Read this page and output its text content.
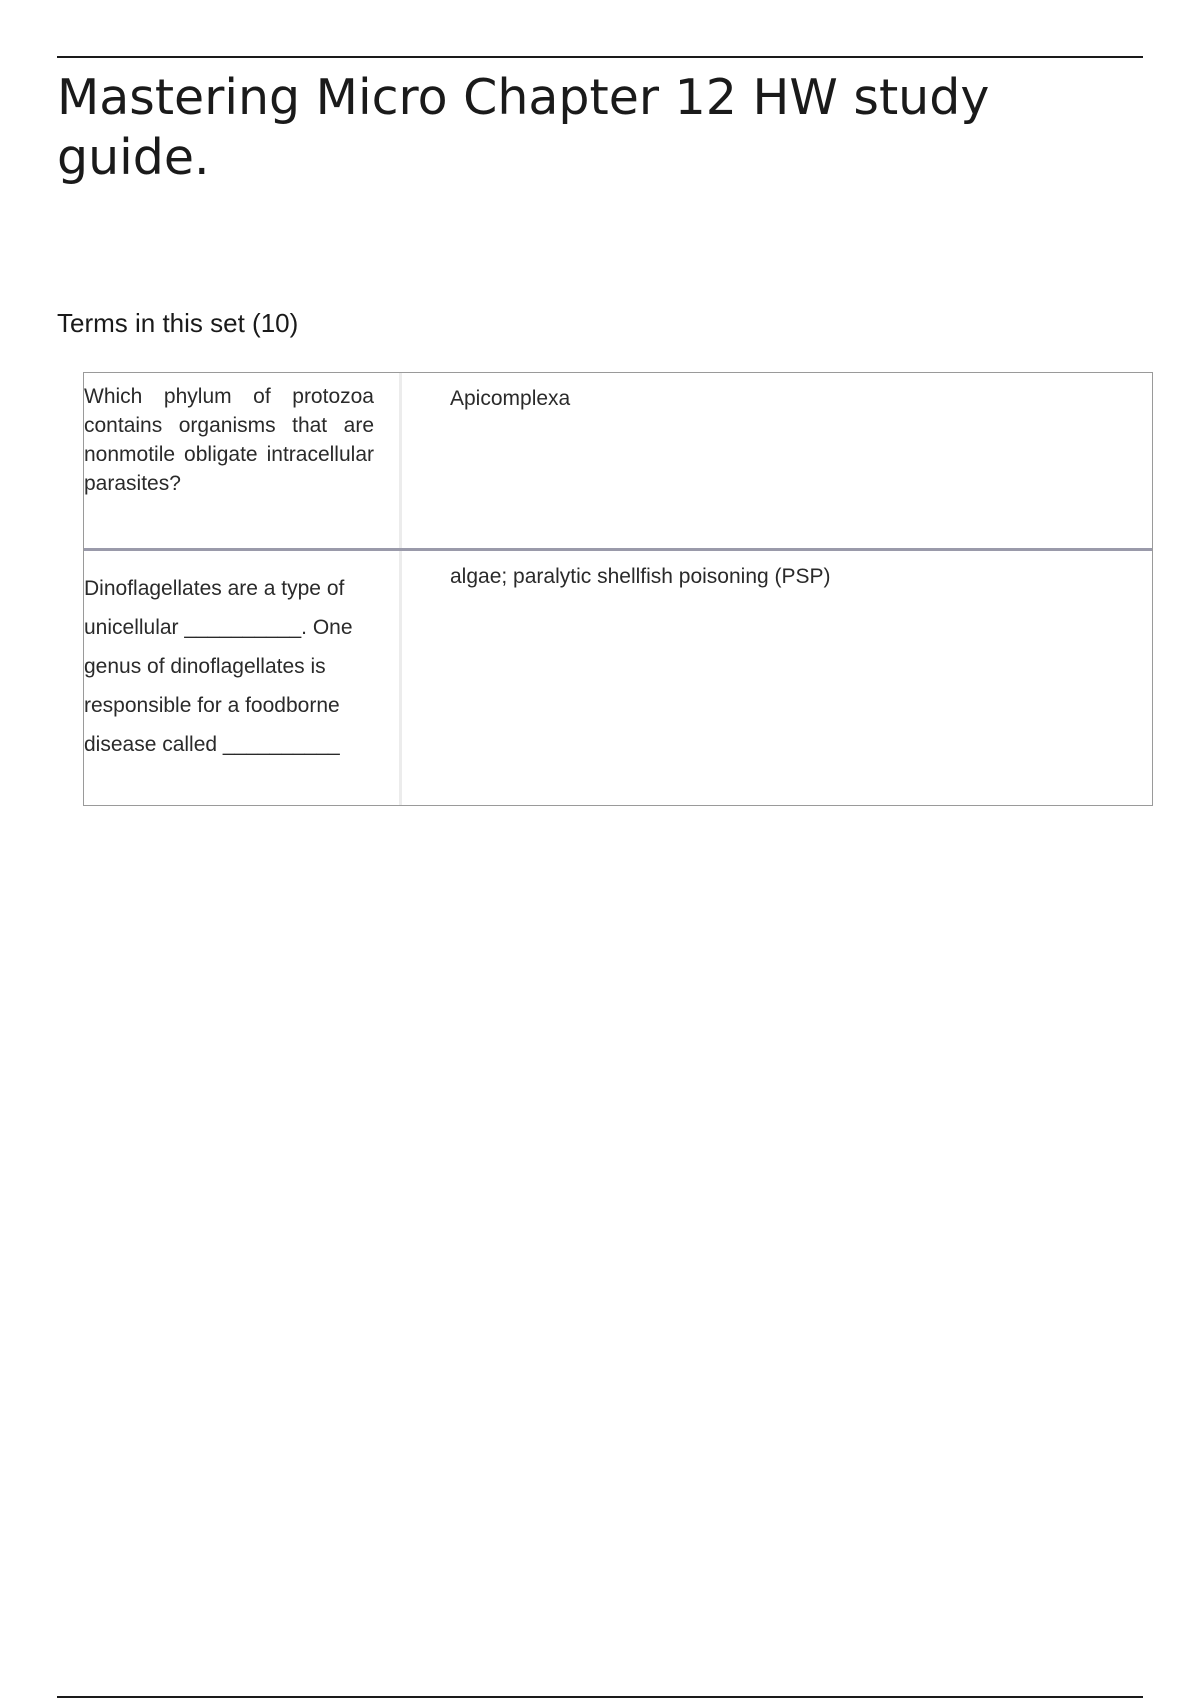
Mastering Micro Chapter 12 HW study guide.
Terms in this set (10)
Which phylum of protozoa contains organisms that are nonmotile obligate intracellular parasites?
Apicomplexa
Dinoflagellates are a type of unicellular __________. One genus of dinoflagellates is responsible for a foodborne disease called __________
algae; paralytic shellfish poisoning (PSP)
